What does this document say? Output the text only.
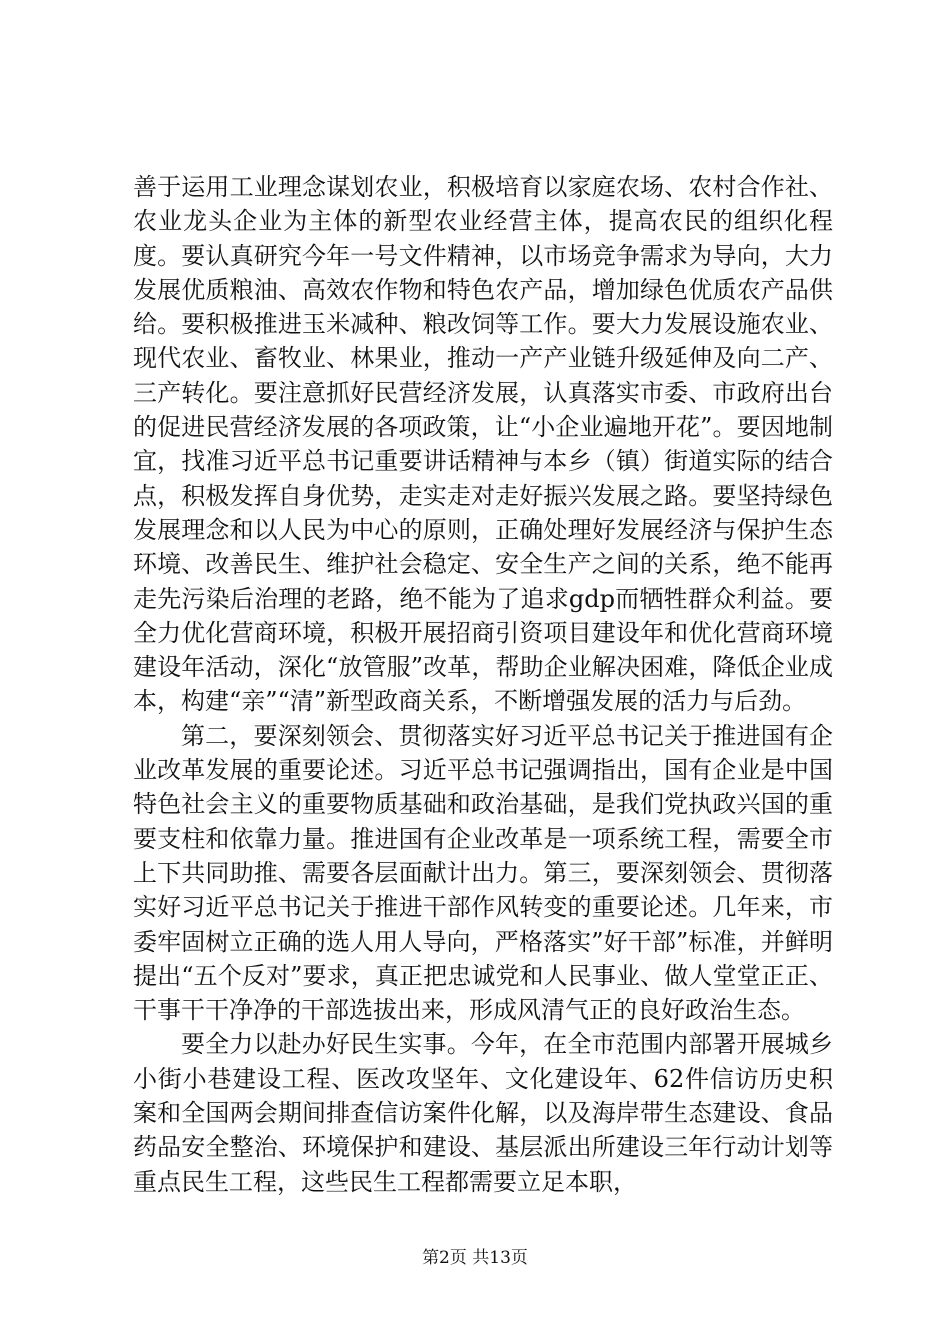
善于运用工业理念谋划农业，积极培育以家庭农场、农村合作社、农业龙头企业为主体的新型农业经营主体，提高农民的组织化程度。要认真研究今年一号文件精神，以市场竞争需求为导向，大力发展优质粮油、高效农作物和特色农产品，增加绿色优质农产品供给。要积极推进玉米减种、粮改饲等工作。要大力发展设施农业、现代农业、畜牧业、林果业，推动一产产业链升级延伸及向二产、三产转化。要注意抓好民营经济发展，认真落实市委、市政府出台的促进民营经济发展的各项政策，让“小企业遍地开花”。要因地制宜，找准习近平总书记重要讲话精神与本乡（镇）街道实际的结合点，积极发挥自身优势，走实走对走好振兴发展之路。要坚持绿色发展理念和以人民为中心的原则，正确处理好发展经济与保护生态环境、改善民生、维护社会稳定、安全生产之间的关系，绝不能再走先污染后治理的老路，绝不能为了追求gdp而牺牲群众利益。要全力优化营商环境，积极开展招商引资项目建设年和优化营商环境建设年活动，深化“放管服”改革，帮助企业解决困难，降低企业成本，构建“亲”“清”新型政商关系，不断增强发展的活力与后劲。

第二，要深刻领会、贯彻落实好习近平总书记关于推进国有企业改革发展的重要论述。习近平总书记强调指出，国有企业是中国特色社会主义的重要物质基础和政治基础，是我们党执政兴国的重要支柱和依靠力量。推进国有企业改革是一项系统工程，需要全市上下共同助推、需要各层面献计出力。第三，要深刻领会、贯彻落实好习近平总书记关于推进干部作风转变的重要论述。几年来，市委牢固树立正确的选人用人导向，严格落实”好干部”标准，并鲜明提出“五个反对”要求，真正把忠诚党和人民事业、做人堂堂正正、干事干干净净的干部选拔出来，形成风清气正的良好政治生态。

要全力以赴办好民生实事。今年，在全市范围内部署开展城乡小街小巷建设工程、医改攻坚年、文化建设年、62件信访历史积案和全国两会期间排查信访案件化解，以及海岸带生态建设、食品药品安全整治、环境保护和建设、基层派出所建设三年行动计划等重点民生工程，这些民生工程都需要立足本职，

第2页 共13页
